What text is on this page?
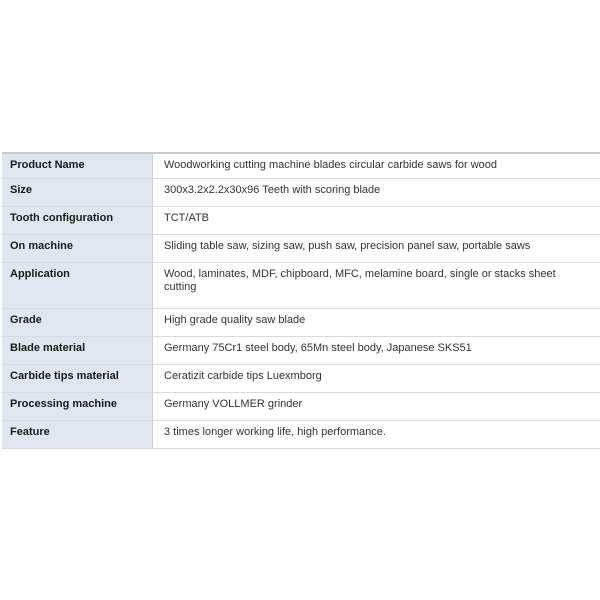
Product Name	Woodworking cutting machine blades circular carbide saws for wood
Size	300x3.2x2.2x30x96 Teeth with scoring blade
Tooth configuration	TCT/ATB
On machine	Sliding table saw, sizing saw, push saw, precision panel saw, portable saws
Application	Wood, laminates, MDF, chipboard, MFC, melamine board, single or stacks sheet cutting
Grade	High grade quality saw blade
Blade material	Germany 75Cr1 steel body, 65Mn steel body, Japanese SKS51
Carbide tips material	Ceratizit carbide tips Luexmborg
Processing machine	Germany VOLLMER grinder
Feature	3 times longer working life, high performance.
